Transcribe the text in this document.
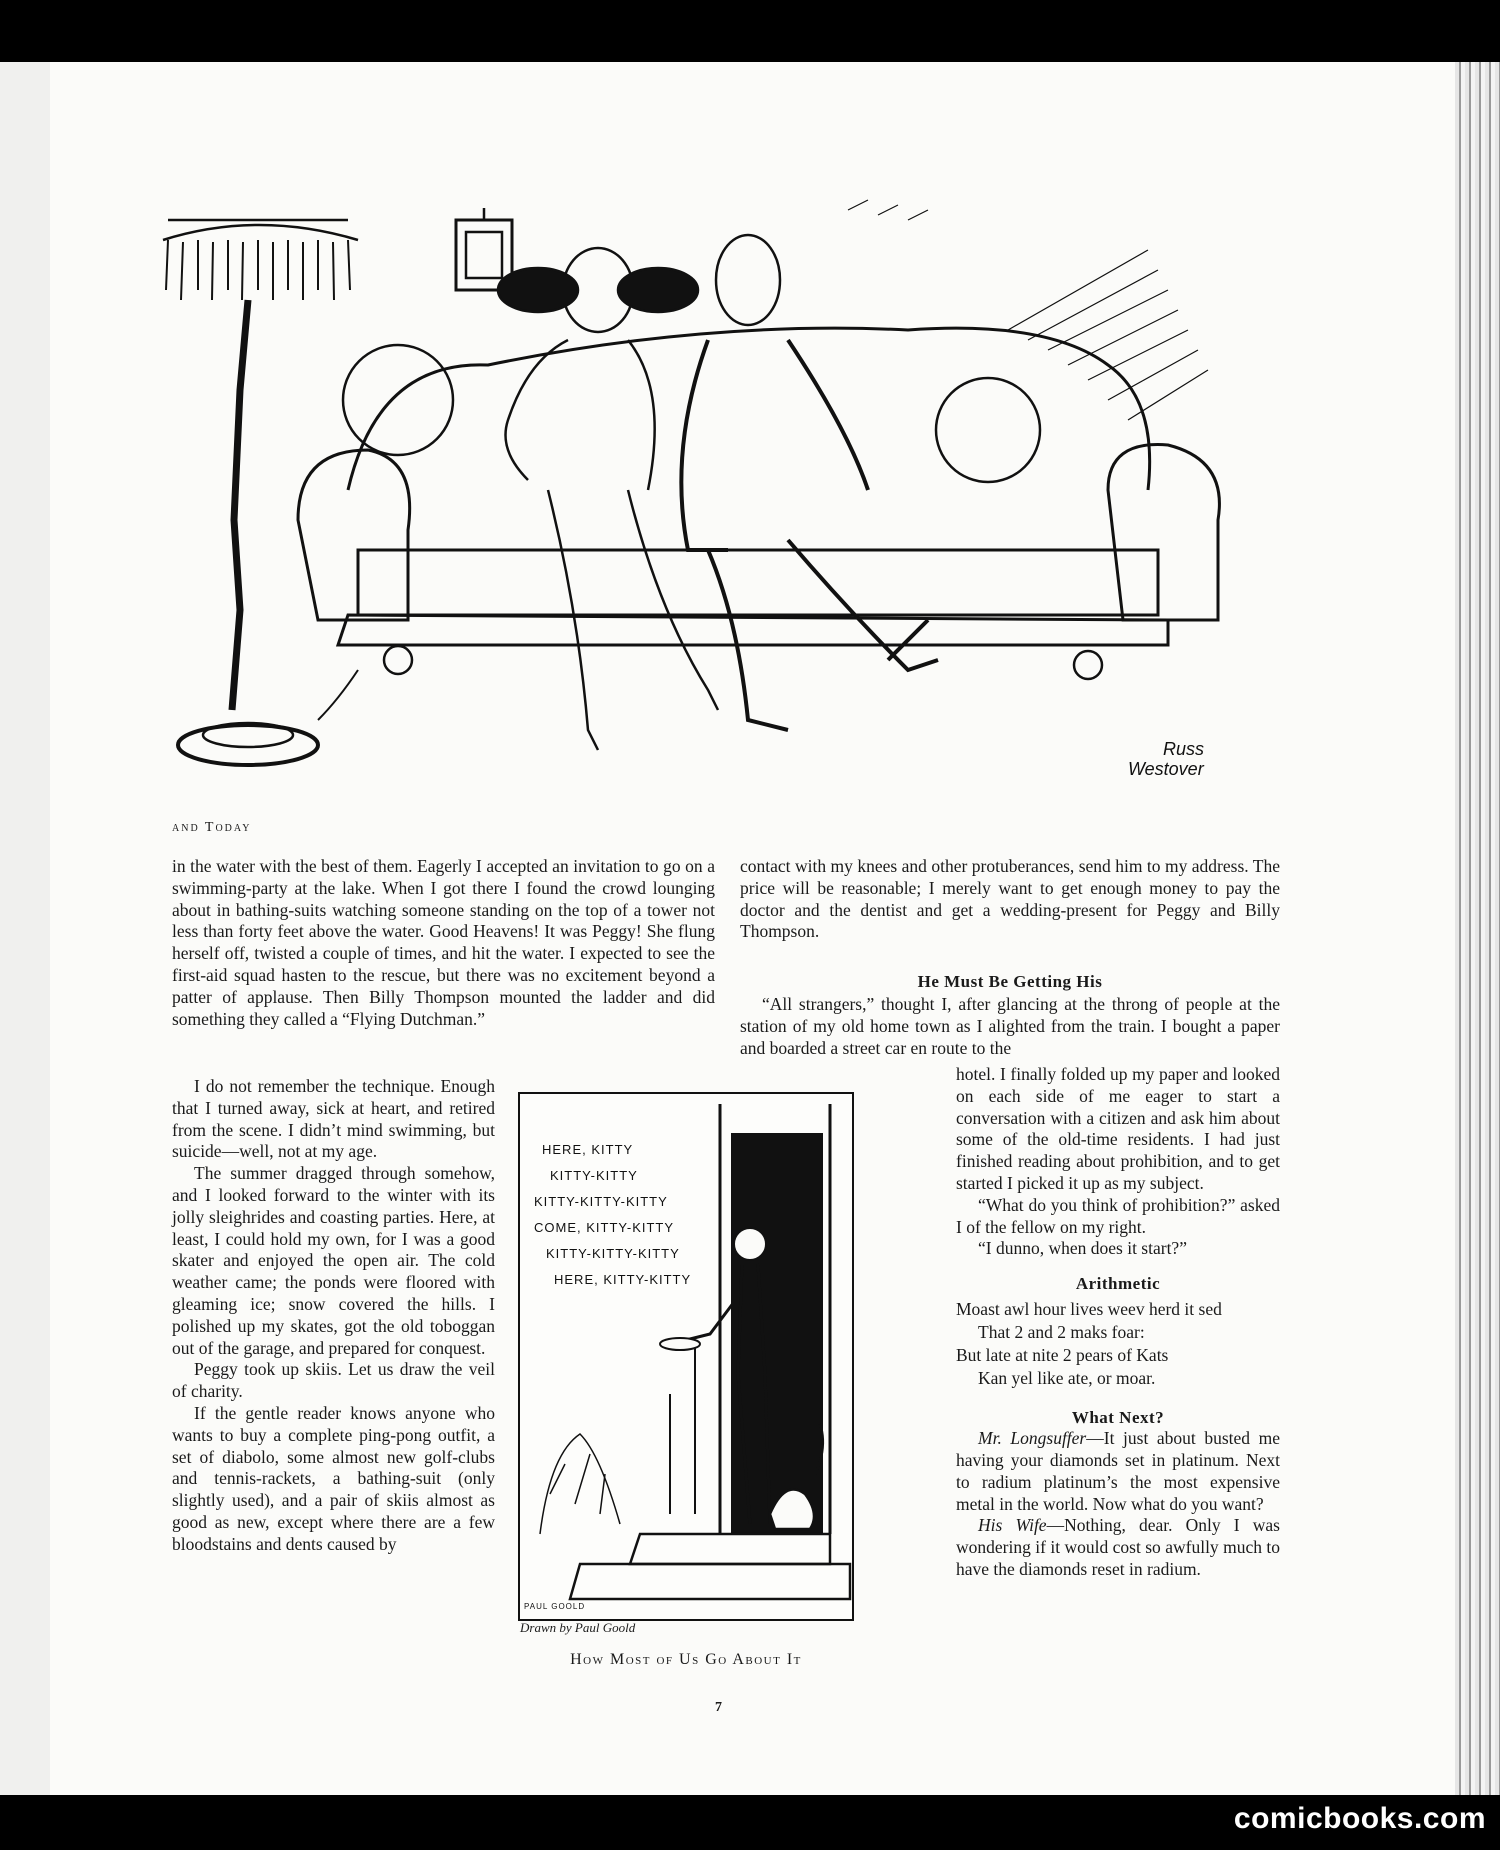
Russ
Westover
and Today

in the water with the best of them. Eagerly I accepted an invitation to go on a swimming-party at the lake. When I got there I found the crowd lounging about in bathing-suits watching someone standing on the top of a tower not less than forty feet above the water. Good Heavens! It was Peggy! She flung herself off, twisted a couple of times, and hit the water. I expected to see the first-aid squad hasten to the rescue, but there was no excitement beyond a patter of applause. Then Billy Thompson mounted the ladder and did something they called a “Flying Dutchman.”

I do not remember the technique. Enough that I turned away, sick at heart, and retired from the scene. I didn’t mind swimming, but suicide—well, not at my age.

The summer dragged through somehow, and I looked forward to the winter with its jolly sleighrides and coasting parties. Here, at least, I could hold my own, for I was a good skater and enjoyed the open air. The cold weather came; the ponds were floored with gleaming ice; snow covered the hills. I polished up my skates, got the old toboggan out of the garage, and prepared for conquest.

Peggy took up skiis. Let us draw the veil of charity.

If the gentle reader knows anyone who wants to buy a complete ping-pong outfit, a set of diabolo, some almost new golf-clubs and tennis-rackets, a bathing-suit (only slightly used), and a pair of skiis almost as good as new, except where there are a few bloodstains and dents caused by

contact with my knees and other protuberances, send him to my address. The price will be reasonable; I merely want to get enough money to pay the doctor and the dentist and get a wedding-present for Peggy and Billy Thompson.

He Must Be Getting His

“All strangers,” thought I, after glancing at the throng of people at the station of my old home town as I alighted from the train. I bought a paper and boarded a street car en route to the

hotel. I finally folded up my paper and looked on each side of me eager to start a conversation with a citizen and ask him about some of the old-time residents. I had just finished reading about prohibition, and to get started I picked it up as my subject.

“What do you think of prohibition?” asked I of the fellow on my right.

“I dunno, when does it start?”

Arithmetic

Moast awl hour lives weev herd it sed

That 2 and 2 maks foar:

But late at nite 2 pears of Kats

Kan yel like ate, or moar.

What Next?

Mr. Longsuffer—It just about busted me having your diamonds set in platinum. Next to radium platinum’s the most expensive metal in the world. Now what do you want?

His Wife—Nothing, dear. Only I was wondering if it would cost so awfully much to have the diamonds reset in radium.

HERE, KITTY
KITTY-KITTY
KITTY-KITTY-KITTY
COME, KITTY-KITTY
KITTY-KITTY-KITTY
HERE, KITTY-KITTY
PAUL GOOLD
Drawn by Paul Goold
How Most of Us Go About It
7
comicbooks.com
